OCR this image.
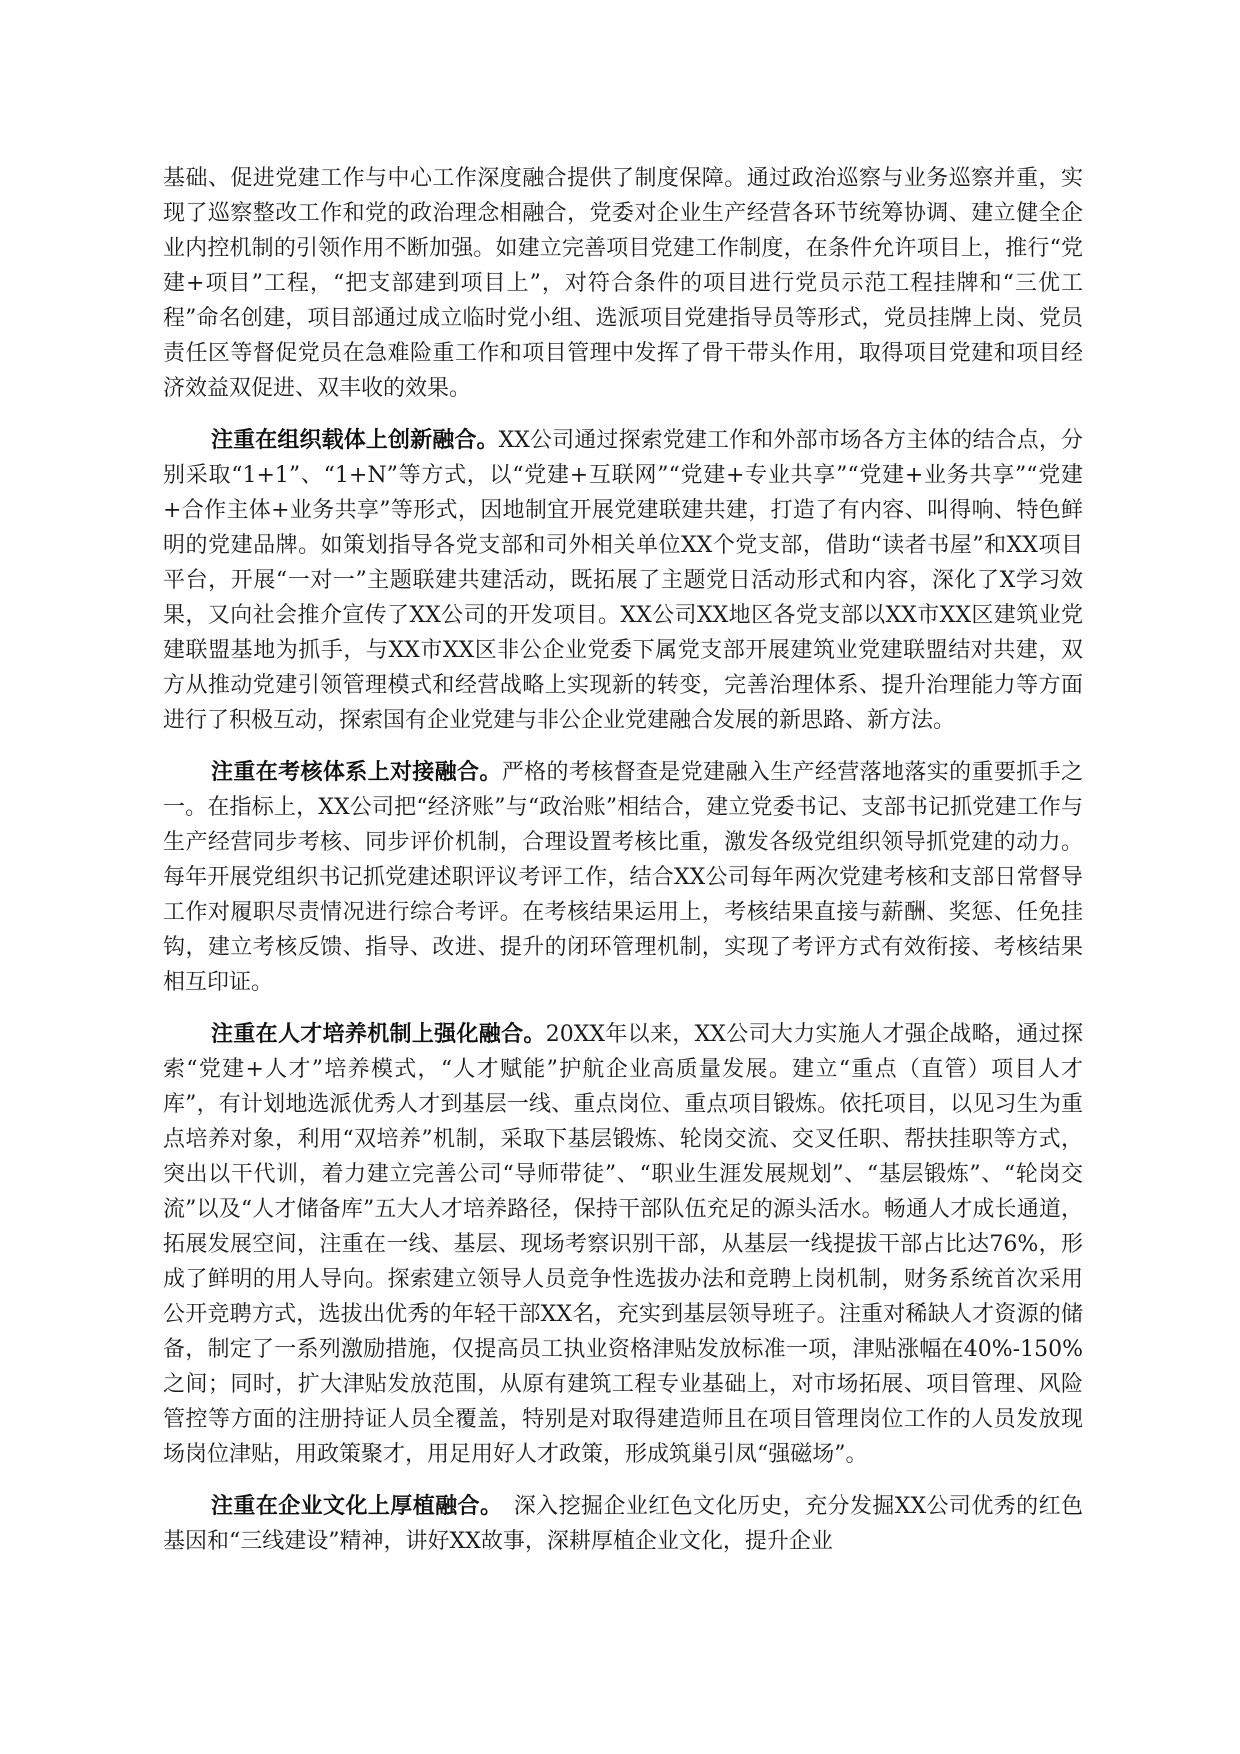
基础、促进党建工作与中心工作深度融合提供了制度保障。通过政治巡察与业务巡察并重，实现了巡察整改工作和党的政治理念相融合，党委对企业生产经营各环节统筹协调、建立健全企业内控机制的引领作用不断加强。如建立完善项目党建工作制度，在条件允许项目上，推行“党建+项目”工程，“把支部建到项目上”，对符合条件的项目进行党员示范工程挂牌和“三优工程”命名创建，项目部通过成立临时党小组、选派项目党建指导员等形式，党员挂牌上岗、党员责任区等督促党员在急难险重工作和项目管理中发挥了骨干带头作用，取得项目党建和项目经济效益双促进、双丰收的效果。

注重在组织载体上创新融合。XX公司通过探索党建工作和外部市场各方主体的结合点，分别采取“1+1”、“1+N”等方式，以“党建+互联网”“党建+专业共享”“党建+业务共享”“党建+合作主体+业务共享”等形式，因地制宜开展党建联建共建，打造了有内容、叫得响、特色鲜明的党建品牌。如策划指导各党支部和司外相关单位XX个党支部，借助“读者书屋”和XX项目平台，开展“一对一”主题联建共建活动，既拓展了主题党日活动形式和内容，深化了X学习效果，又向社会推介宣传了XX公司的开发项目。XX公司XX地区各党支部以XX市XX区建筑业党建联盟基地为抓手，与XX市XX区非公企业党委下属党支部开展建筑业党建联盟结对共建，双方从推动党建引领管理模式和经营战略上实现新的转变，完善治理体系、提升治理能力等方面进行了积极互动，探索国有企业党建与非公企业党建融合发展的新思路、新方法。

注重在考核体系上对接融合。严格的考核督查是党建融入生产经营落地落实的重要抓手之一。在指标上，XX公司把“经济账”与“政治账”相结合，建立党委书记、支部书记抓党建工作与生产经营同步考核、同步评价机制，合理设置考核比重，激发各级党组织领导抓党建的动力。每年开展党组织书记抓党建述职评议考评工作，结合XX公司每年两次党建考核和支部日常督导工作对履职尽责情况进行综合考评。在考核结果运用上，考核结果直接与薪酬、奖惩、任免挂钩，建立考核反馈、指导、改进、提升的闭环管理机制，实现了考评方式有效衔接、考核结果相互印证。

注重在人才培养机制上强化融合。20XX年以来，XX公司大力实施人才强企战略，通过探索“党建+人才”培养模式，“人才赋能”护航企业高质量发展。建立“重点（直管）项目人才库”，有计划地选派优秀人才到基层一线、重点岗位、重点项目锻炼。依托项目，以见习生为重点培养对象，利用“双培养”机制，采取下基层锻炼、轮岗交流、交叉任职、帮扶挂职等方式，突出以干代训，着力建立完善公司“导师带徒”、“职业生涯发展规划”、“基层锻炼”、“轮岗交流”以及“人才储备库”五大人才培养路径，保持干部队伍充足的源头活水。畅通人才成长通道，拓展发展空间，注重在一线、基层、现场考察识别干部，从基层一线提拔干部占比达76%，形成了鲜明的用人导向。探索建立领导人员竞争性选拔办法和竞聘上岗机制，财务系统首次采用公开竞聘方式，选拔出优秀的年轻干部XX名，充实到基层领导班子。注重对稀缺人才资源的储备，制定了一系列激励措施，仅提高员工执业资格津贴发放标准一项，津贴涨幅在40%-150%之间；同时，扩大津贴发放范围，从原有建筑工程专业基础上，对市场拓展、项目管理、风险管控等方面的注册持证人员全覆盖，特别是对取得建造师且在项目管理岗位工作的人员发放现场岗位津贴，用政策聚才，用足用好人才政策，形成筑巢引凤“强磁场”。

注重在企业文化上厚植融合。　深入挖掘企业红色文化历史，充分发掘XX公司优秀的红色基因和“三线建设”精神，讲好XX故事，深耕厚植企业文化，提升企业
